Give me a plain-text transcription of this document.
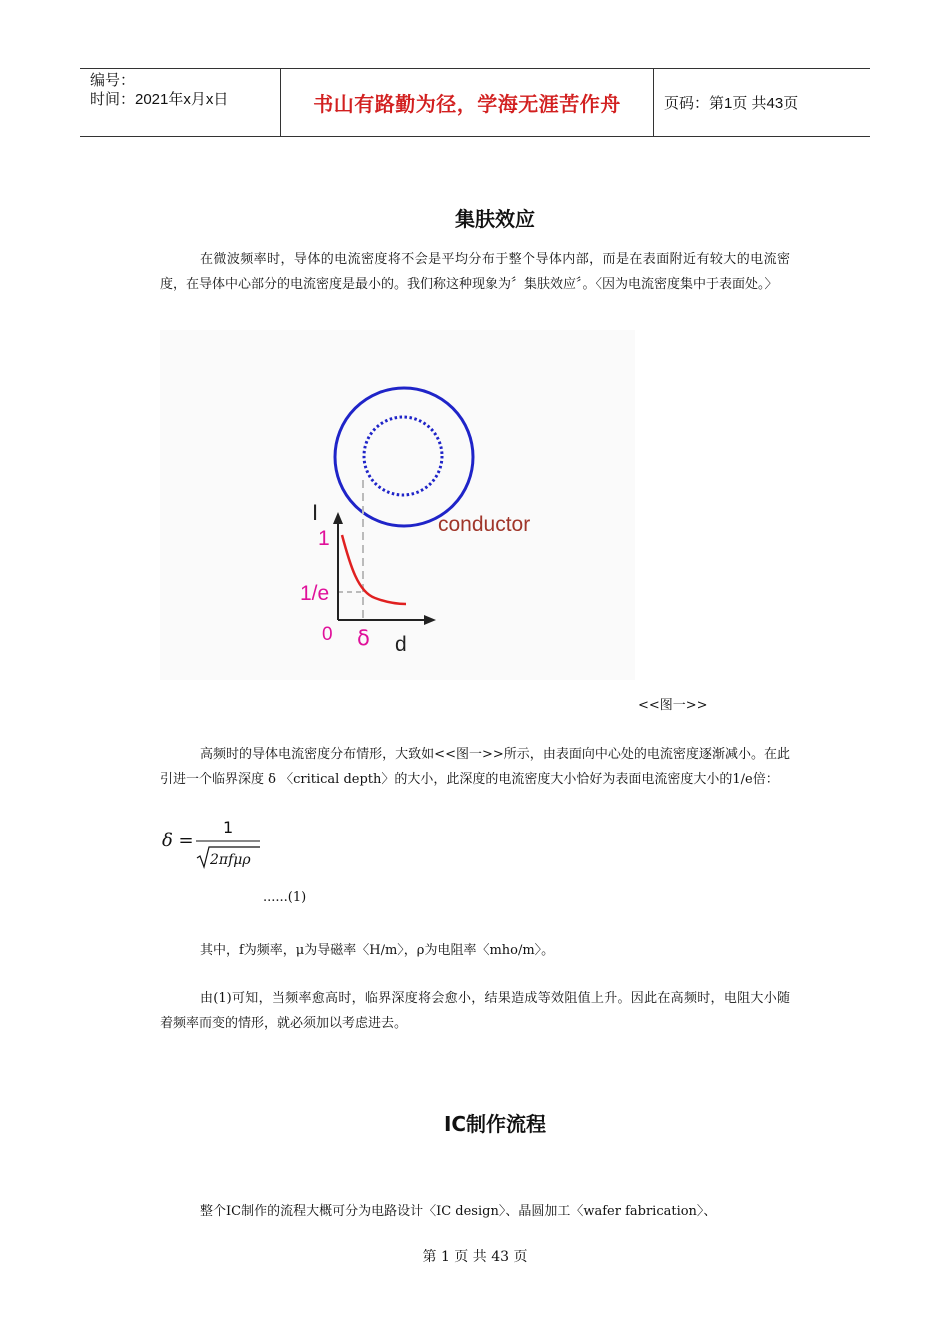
编号：
时间：2021年x月x日	书山有路勤为径，学海无涯苦作舟	页码：第1页 共43页
集肤效应
在微波频率时，导体的电流密度将不会是平均分布于整个导体内部，而是在表面附近有较大的电流密度，在导体中心部分的电流密度是最小的。我们称这种现象为〞集肤效应〞。〈因为电流密度集中于表面处。〉
conductor
I
1
1/e
0 δ d
<<图一>>
高频时的导体电流密度分布情形，大致如<<图一>>所示，由表面向中心处的电流密度逐渐减小。在此引进一个临界深度 δ 〈critical depth〉的大小，此深度的电流密度大小恰好为表面电流密度大小的1/e倍：
δ =
1
2πfμρ
......(1)
其中，f为频率，μ为导磁率〈H/m〉，ρ为电阻率〈mho/m〉。
由(1)可知，当频率愈高时，临界深度将会愈小，结果造成等效阻值上升。因此在高频时，电阻大小随着频率而变的情形，就必须加以考虑进去。
IC制作流程
整个IC制作的流程大概可分为电路设计〈IC design〉、晶圆加工〈wafer fabrication〉、
第 1 页 共 43 页
